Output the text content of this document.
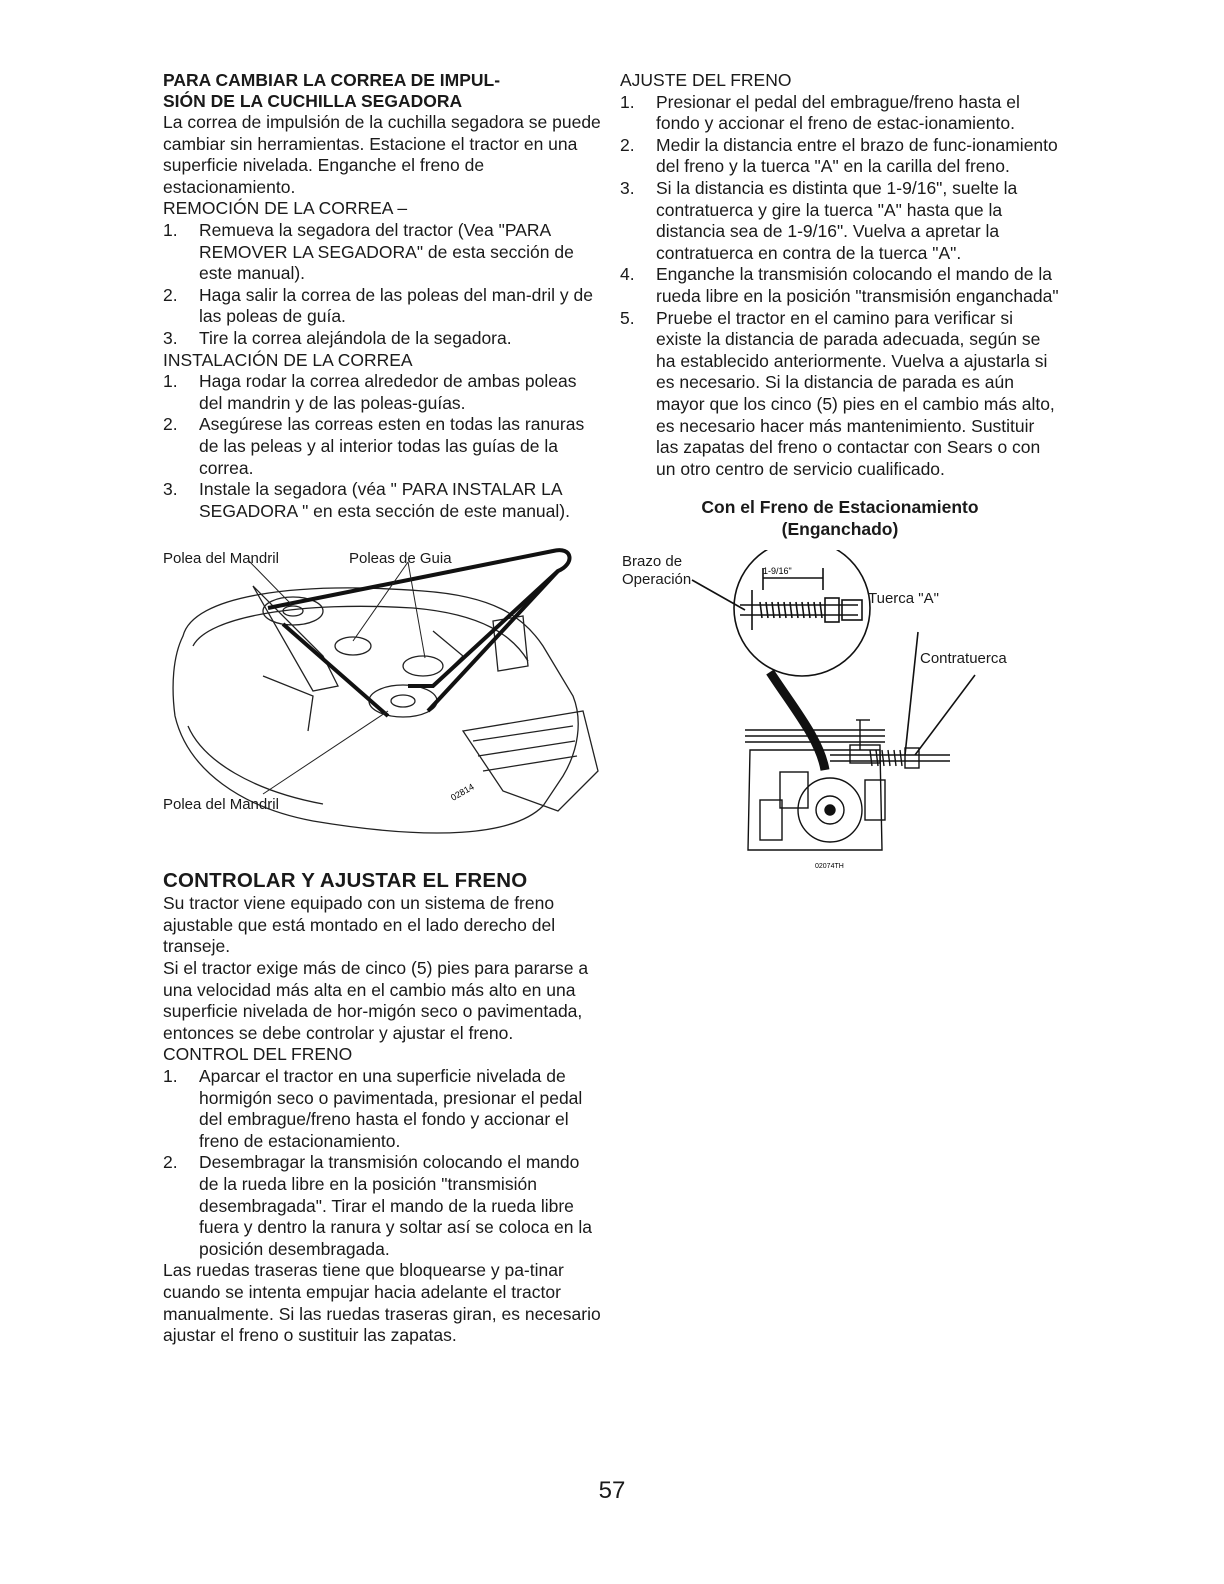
PARA CAMBIAR LA CORREA DE IMPUL-

SIÓN DE LA CUCHILLA SEGADORA

La correa de impulsión de la cuchilla segadora se puede cambiar sin herramientas. Estacione el tractor en una superficie nivelada. Enganche el freno de estacionamiento.

REMOCIÓN DE LA CORREA –

1. Remueva la segadora del tractor (Vea "PARA REMOVER LA SEGADORA" de esta sección de este manual).
2. Haga salir la correa de las poleas del man-dril y de las poleas de guía.
3. Tire la correa alejándola de la segadora.

INSTALACIÓN DE LA CORREA

1. Haga rodar la correa alrededor de ambas poleas del mandrin y de las poleas-guías.
2. Asegúrese las correas esten en todas las ranuras de las peleas y al interior todas las guías de la correa.
3. Instale la segadora (véa " PARA INSTALAR LA SEGADORA " en esta sección de este manual).
Polea del Mandril	Poleas de Guia
Polea del Mandril
02814

CONTROLAR Y AJUSTAR EL FRENO

Su tractor viene equipado con un sistema de freno ajustable que está montado en el lado derecho del transeje.

Si el tractor exige más de cinco (5) pies para pararse a una velocidad más alta en el cambio más alto en una superficie nivelada de hor-migón seco o pavimentada, entonces se debe controlar y ajustar el freno.

CONTROL DEL FRENO

1. Aparcar el tractor en una superficie nivelada de hormigón seco o pavimentada, presionar el pedal del embrague/freno hasta el fondo y accionar el freno de estacionamiento.
2. Desembragar la transmisión colocando el mando de la rueda libre en la posición "transmisión desembragada". Tirar el mando de la rueda libre fuera y dentro la ranura y soltar así se coloca en la posición desembragada.

Las ruedas traseras tiene que bloquearse y pa-tinar cuando se intenta empujar hacia adelante el tractor manualmente. Si las ruedas traseras giran, es necesario ajustar el freno o sustituir las zapatas.

AJUSTE DEL FRENO

1. Presionar el pedal del embrague/freno hasta el fondo y accionar el freno de estac-ionamiento.
2. Medir la distancia entre el brazo de func-ionamiento del freno y la tuerca "A" en la carilla del freno.
3. Si la distancia es distinta que 1-9/16", suelte la contratuerca y gire la tuerca "A" hasta que la distancia sea de 1-9/16". Vuelva a apretar la contratuerca en contra de la tuerca "A".
4. Enganche la transmisión colocando el mando de la rueda libre en la posición "transmisión enganchada"
5. Pruebe el tractor en el camino para verificar si existe la distancia de parada adecuada, según se ha establecido anteriormente. Vuelva a ajustarla si es necesario. Si la distancia de parada es aún mayor que los cinco (5) pies en el cambio más alto, es necesario hacer más mantenimiento. Sustituir las zapatas del freno o contactar con Sears o con un otro centro de servicio cualificado.

Con el Freno de Estacionamiento

(Enganchado)

Brazo de
Operación
Tuerca "A"
Contratuerca
1-9/16"
02074TH
57
